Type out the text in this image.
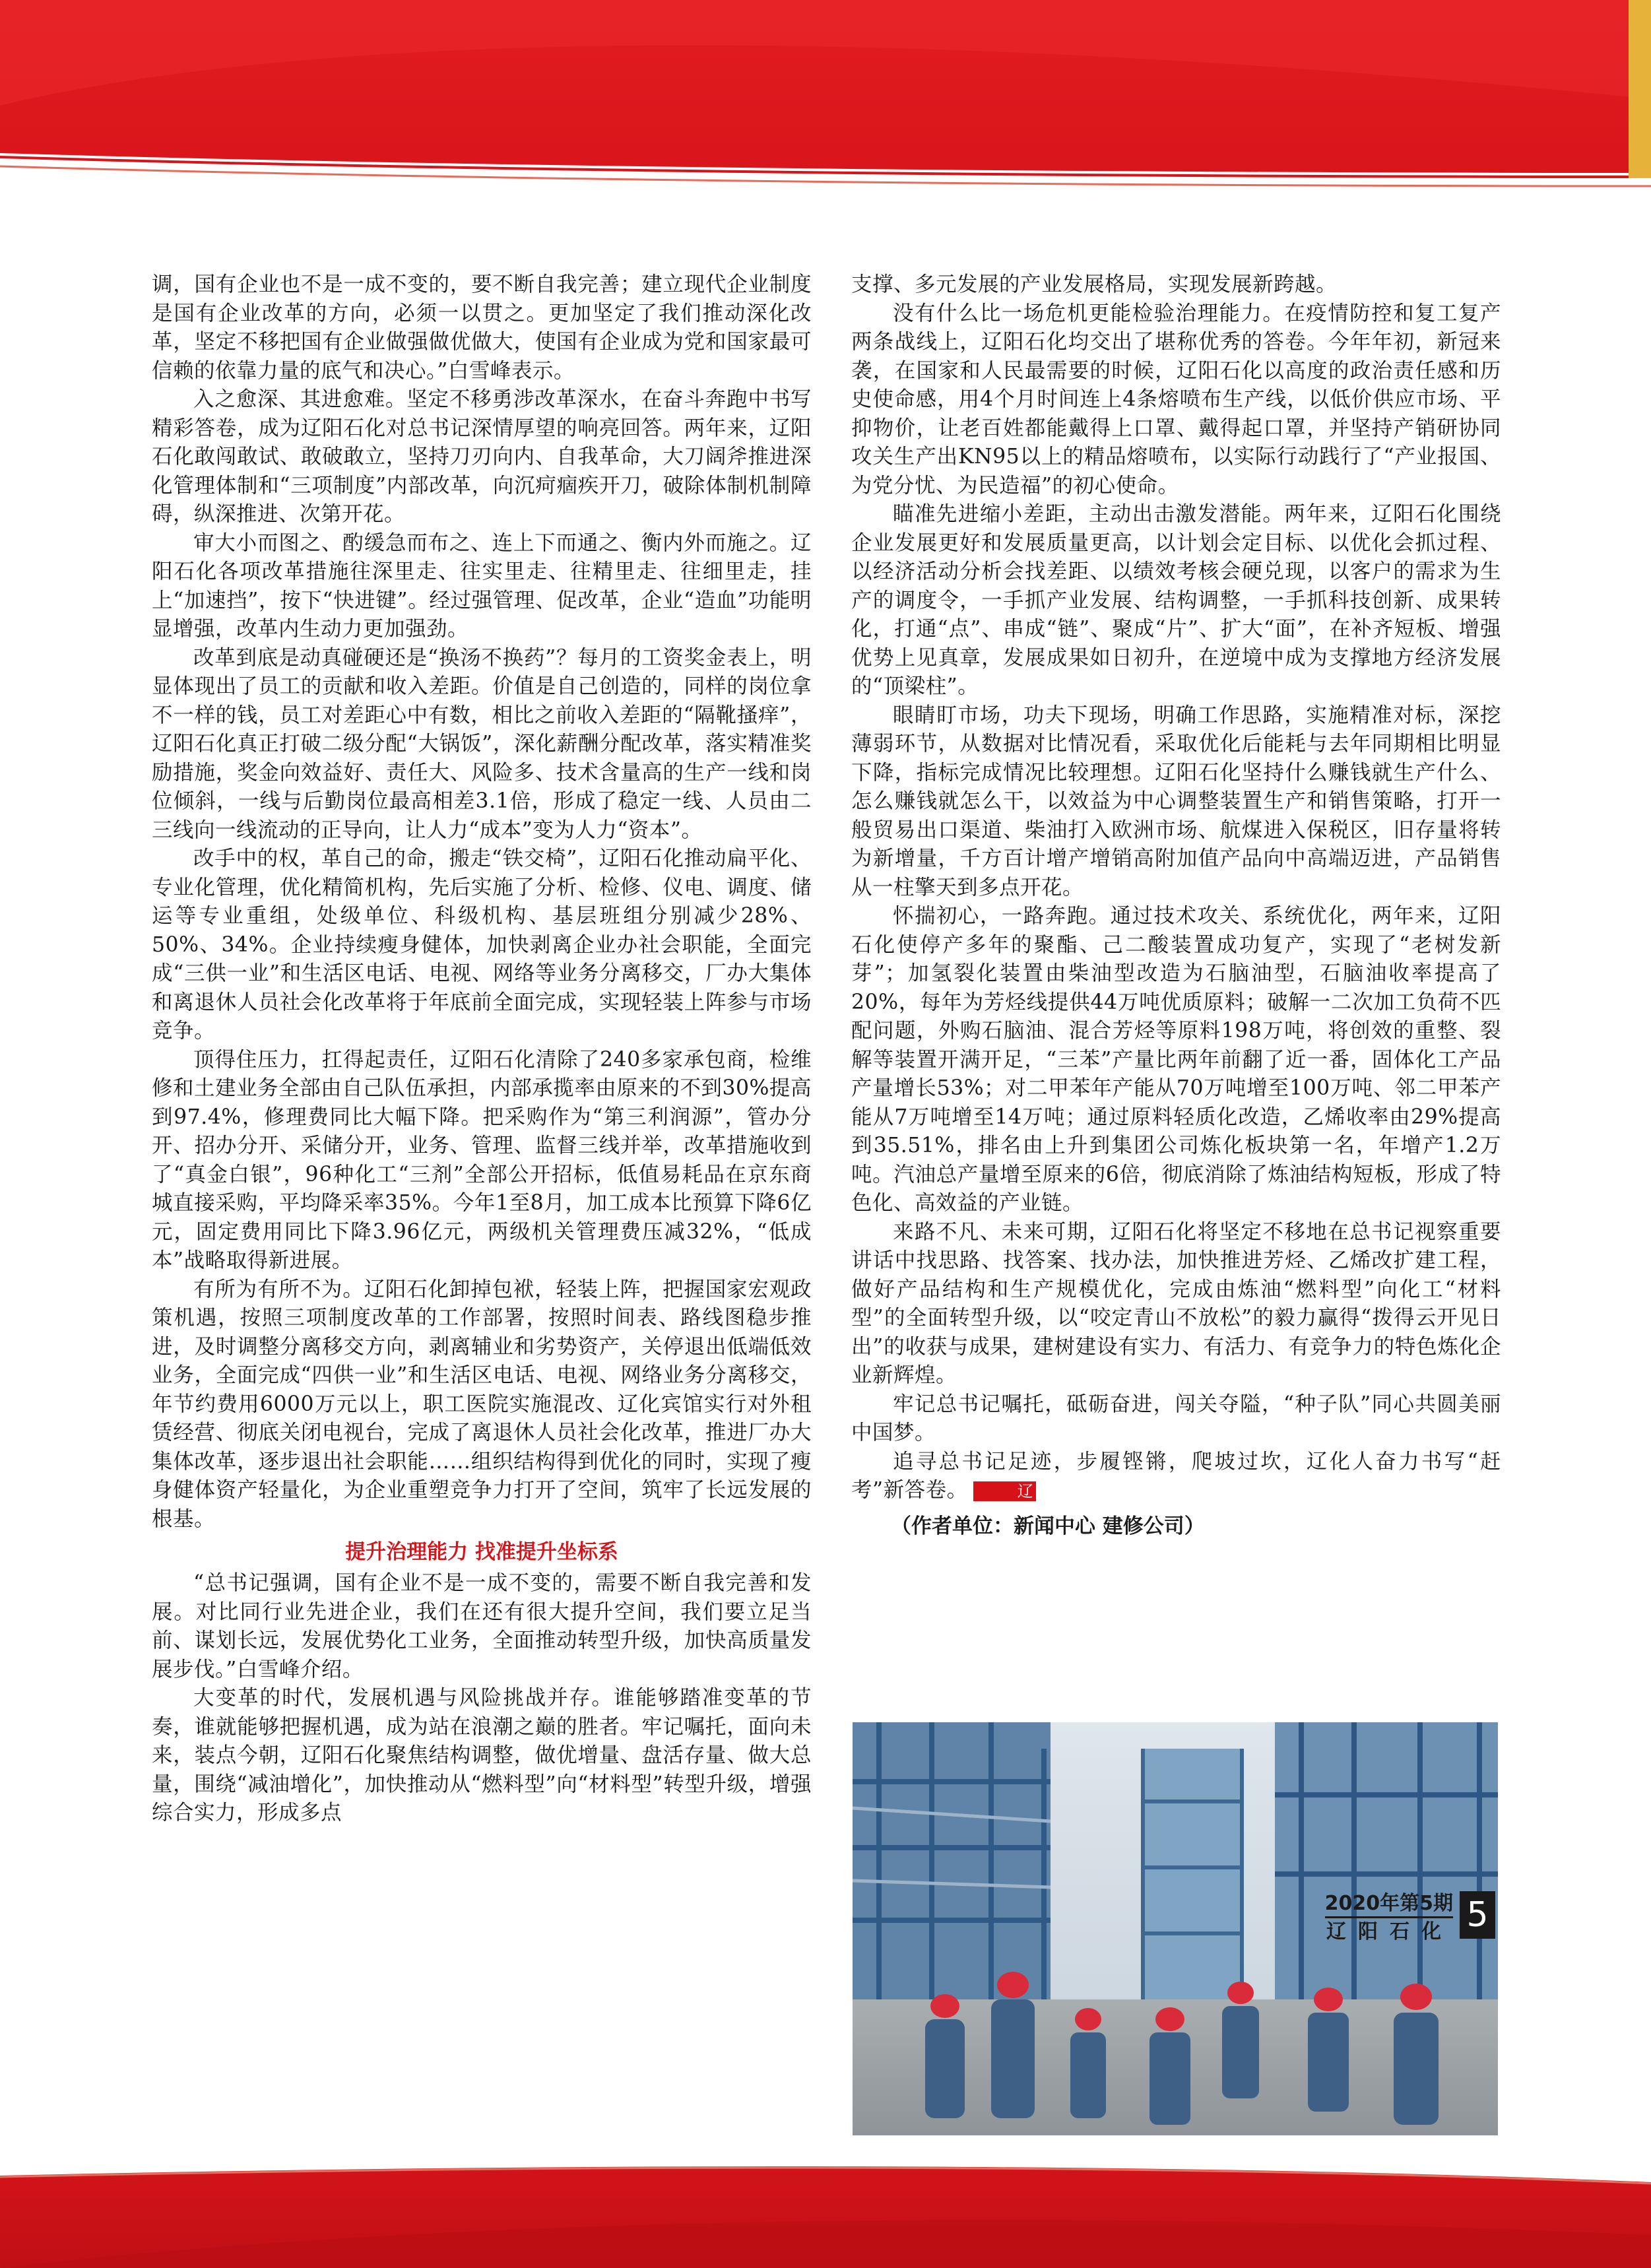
调，国有企业也不是一成不变的，要不断自我完善；建立现代企业制度是国有企业改革的方向，必须一以贯之。更加坚定了我们推动深化改革，坚定不移把国有企业做强做优做大，使国有企业成为党和国家最可信赖的依靠力量的底气和决心。”白雪峰表示。

入之愈深、其进愈难。坚定不移勇涉改革深水，在奋斗奔跑中书写精彩答卷，成为辽阳石化对总书记深情厚望的响亮回答。两年来，辽阳石化敢闯敢试、敢破敢立，坚持刀刃向内、自我革命，大刀阔斧推进深化管理体制和“三项制度”内部改革，向沉疴痼疾开刀，破除体制机制障碍，纵深推进、次第开花。

审大小而图之、酌缓急而布之、连上下而通之、衡内外而施之。辽阳石化各项改革措施往深里走、往实里走、往精里走、往细里走，挂上“加速挡”，按下“快进键”。经过强管理、促改革，企业“造血”功能明显增强，改革内生动力更加强劲。

改革到底是动真碰硬还是“换汤不换药”？每月的工资奖金表上，明显体现出了员工的贡献和收入差距。价值是自己创造的，同样的岗位拿不一样的钱，员工对差距心中有数，相比之前收入差距的“隔靴搔痒”，辽阳石化真正打破二级分配“大锅饭”，深化薪酬分配改革，落实精准奖励措施，奖金向效益好、责任大、风险多、技术含量高的生产一线和岗位倾斜，一线与后勤岗位最高相差3.1倍，形成了稳定一线、人员由二三线向一线流动的正导向，让人力“成本”变为人力“资本”。

改手中的权，革自己的命，搬走“铁交椅”，辽阳石化推动扁平化、专业化管理，优化精简机构，先后实施了分析、检修、仪电、调度、储运等专业重组，处级单位、科级机构、基层班组分别减少28%、50%、34%。企业持续瘦身健体，加快剥离企业办社会职能，全面完成“三供一业”和生活区电话、电视、网络等业务分离移交，厂办大集体和离退休人员社会化改革将于年底前全面完成，实现轻装上阵参与市场竞争。

顶得住压力，扛得起责任，辽阳石化清除了240多家承包商，检维修和土建业务全部由自己队伍承担，内部承揽率由原来的不到30%提高到97.4%，修理费同比大幅下降。把采购作为“第三利润源”，管办分开、招办分开、采储分开，业务、管理、监督三线并举，改革措施收到了“真金白银”，96种化工“三剂”全部公开招标，低值易耗品在京东商城直接采购，平均降采率35%。今年1至8月，加工成本比预算下降6亿元，固定费用同比下降3.96亿元，两级机关管理费压减32%，“低成本”战略取得新进展。

有所为有所不为。辽阳石化卸掉包袱，轻装上阵，把握国家宏观政策机遇，按照三项制度改革的工作部署，按照时间表、路线图稳步推进，及时调整分离移交方向，剥离辅业和劣势资产，关停退出低端低效业务，全面完成“四供一业”和生活区电话、电视、网络业务分离移交，年节约费用6000万元以上，职工医院实施混改、辽化宾馆实行对外租赁经营、彻底关闭电视台，完成了离退休人员社会化改革，推进厂办大集体改革，逐步退出社会职能……组织结构得到优化的同时，实现了瘦身健体资产轻量化，为企业重塑竞争力打开了空间，筑牢了长远发展的根基。

提升治理能力 找准提升坐标系

“总书记强调，国有企业不是一成不变的，需要不断自我完善和发展。对比同行业先进企业，我们在还有很大提升空间，我们要立足当前、谋划长远，发展优势化工业务，全面推动转型升级，加快高质量发展步伐。”白雪峰介绍。

大变革的时代，发展机遇与风险挑战并存。谁能够踏准变革的节奏，谁就能够把握机遇，成为站在浪潮之巅的胜者。牢记嘱托，面向未来，装点今朝，辽阳石化聚焦结构调整，做优增量、盘活存量、做大总量，围绕“减油增化”，加快推动从“燃料型”向“材料型”转型升级，增强综合实力，形成多点

支撑、多元发展的产业发展格局，实现发展新跨越。

没有什么比一场危机更能检验治理能力。在疫情防控和复工复产两条战线上，辽阳石化均交出了堪称优秀的答卷。今年年初，新冠来袭，在国家和人民最需要的时候，辽阳石化以高度的政治责任感和历史使命感，用4个月时间连上4条熔喷布生产线，以低价供应市场、平抑物价，让老百姓都能戴得上口罩、戴得起口罩，并坚持产销研协同攻关生产出KN95以上的精品熔喷布，以实际行动践行了“产业报国、为党分忧、为民造福”的初心使命。

瞄准先进缩小差距，主动出击激发潜能。两年来，辽阳石化围绕企业发展更好和发展质量更高，以计划会定目标、以优化会抓过程、以经济活动分析会找差距、以绩效考核会硬兑现，以客户的需求为生产的调度令，一手抓产业发展、结构调整，一手抓科技创新、成果转化，打通“点”、串成“链”、聚成“片”、扩大“面”，在补齐短板、增强优势上见真章，发展成果如日初升，在逆境中成为支撑地方经济发展的“顶梁柱”。

眼睛盯市场，功夫下现场，明确工作思路，实施精准对标，深挖薄弱环节，从数据对比情况看，采取优化后能耗与去年同期相比明显下降，指标完成情况比较理想。辽阳石化坚持什么赚钱就生产什么、怎么赚钱就怎么干，以效益为中心调整装置生产和销售策略，打开一般贸易出口渠道、柴油打入欧洲市场、航煤进入保税区，旧存量将转为新增量，千方百计增产增销高附加值产品向中高端迈进，产品销售从一柱擎天到多点开花。

怀揣初心，一路奔跑。通过技术攻关、系统优化，两年来，辽阳石化使停产多年的聚酯、己二酸装置成功复产，实现了“老树发新芽”；加氢裂化装置由柴油型改造为石脑油型，石脑油收率提高了20%，每年为芳烃线提供44万吨优质原料；破解一二次加工负荷不匹配问题，外购石脑油、混合芳烃等原料198万吨，将创效的重整、裂解等装置开满开足，“三苯”产量比两年前翻了近一番，固体化工产品产量增长53%；对二甲苯年产能从70万吨增至100万吨、邻二甲苯产能从7万吨增至14万吨；通过原料轻质化改造，乙烯收率由29%提高到35.51%，排名由上升到集团公司炼化板块第一名，年增产1.2万吨。汽油总产量增至原来的6倍，彻底消除了炼油结构短板，形成了特色化、高效益的产业链。

来路不凡、未来可期，辽阳石化将坚定不移地在总书记视察重要讲话中找思路、找答案、找办法，加快推进芳烃、乙烯改扩建工程，做好产品结构和生产规模优化，完成由炼油“燃料型”向化工“材料型”的全面转型升级，以“咬定青山不放松”的毅力赢得“拨得云开见日出”的收获与成果，建树建设有实力、有活力、有竞争力的特色炼化企业新辉煌。

牢记总书记嘱托，砥砺奋进，闯关夺隘，“种子队”同心共圆美丽中国梦。

追寻总书记足迹，步履铿锵，爬坡过坎，辽化人奋力书写“赶考”新答卷。	辽

（作者单位：新闻中心 建修公司）
2020年第5期
辽阳石化 5
